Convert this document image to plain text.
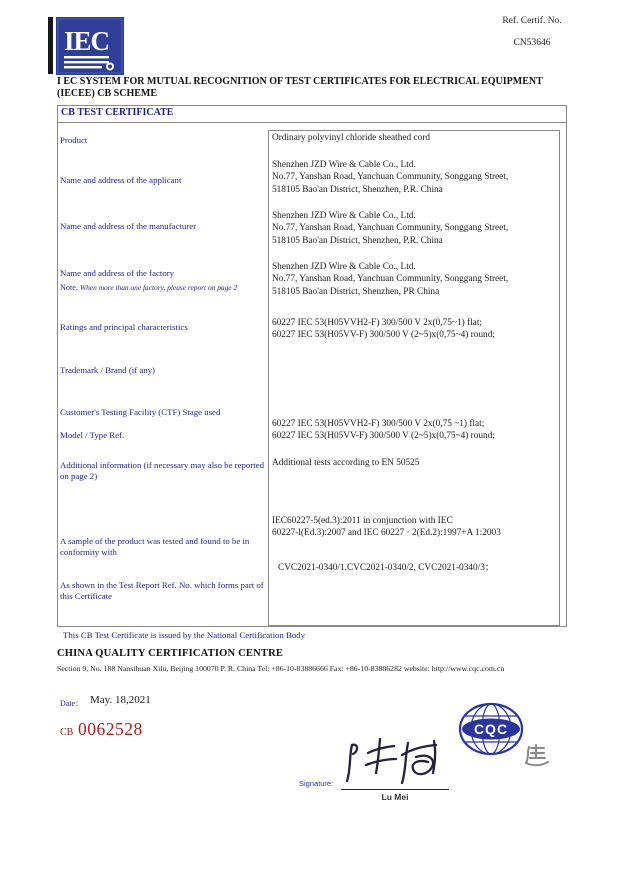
IEC
Ref. Certif. No.
CN53646
I EC SYSTEM FOR MUTUAL RECOGNITION OF TEST CERTIFICATES FOR ELECTRICAL EQUIPMENT (IECEE) CB SCHEME
CB TEST CERTIFICATE
Product
Name and address of the applicant
Name and address of the manufacturer
Name and address of the factory
Note. When more than one factory, please report on page 2
Ratings and principal characteristics
Trademark / Brand (if any)
Customer's Testing Facility (CTF) Stage used
Model / Type Ref.
Additional information (if necessary may also be reported on page 2)
A sample of the product was tested and found to be in conformity with
As shown in the Test Report Ref. No. which forms part of this Certificate
Ordinary polyvinyl chloride sheathed cord
Shenzhen JZD Wire & Cable Co., Ltd.
No.77, Yanshan Road, Yanchuan Community, Songgang Street,
518105 Bao'an District, Shenzhen, P.R. China
Shenzhen JZD Wire & Cable Co., Ltd.
No.77, Yanshan Road, Yanchuan Community, Songgang Street,
518105 Bao'an District, Shenzhen, P.R. China
Shenzhen JZD Wire & Cable Co., Ltd.
No.77, Yanshan Road, Yanchuan Community, Songgang Street,
518105 Bao'an District, Shenzhen, PR China
60227 IEC 53(H05VVH2-F) 300/500 V 2x(0,75~1) flat;
60227 IEC 53(H05VV-F) 300/500 V (2~5)x(0,75~4) round;
60227 IEC 53(H05VVH2-F) 300/500 V 2x(0,75 ~1) flat;
60227 IEC 53(H05VV-F) 300/500 V (2~5)x(0,75~4) round;
Additional tests according to EN 50525
IEC60227-5(ed.3):2011 in conjunction with IEC
60227-l(Ed.3):2007 and IEC 60227 · 2(Ed.2):1997+A 1:2003
CVC2021-0340/1.CVC2021-0340/2, CVC2021-0340/3；
This CB Test Certificate is issued by the National Certification Body
CHINA QUALITY CERTIFICATION CENTRE
Section 9, No. 188 Nansihuan Xilu, Beijing 100070 P. R. China Tel: +86-10-83886666 Fax: +86-10-83886282 website: http://www.cqc.com.cn
Date： May. 18,2021
CB 0062528
Signature:
Lu Mei
CQC
